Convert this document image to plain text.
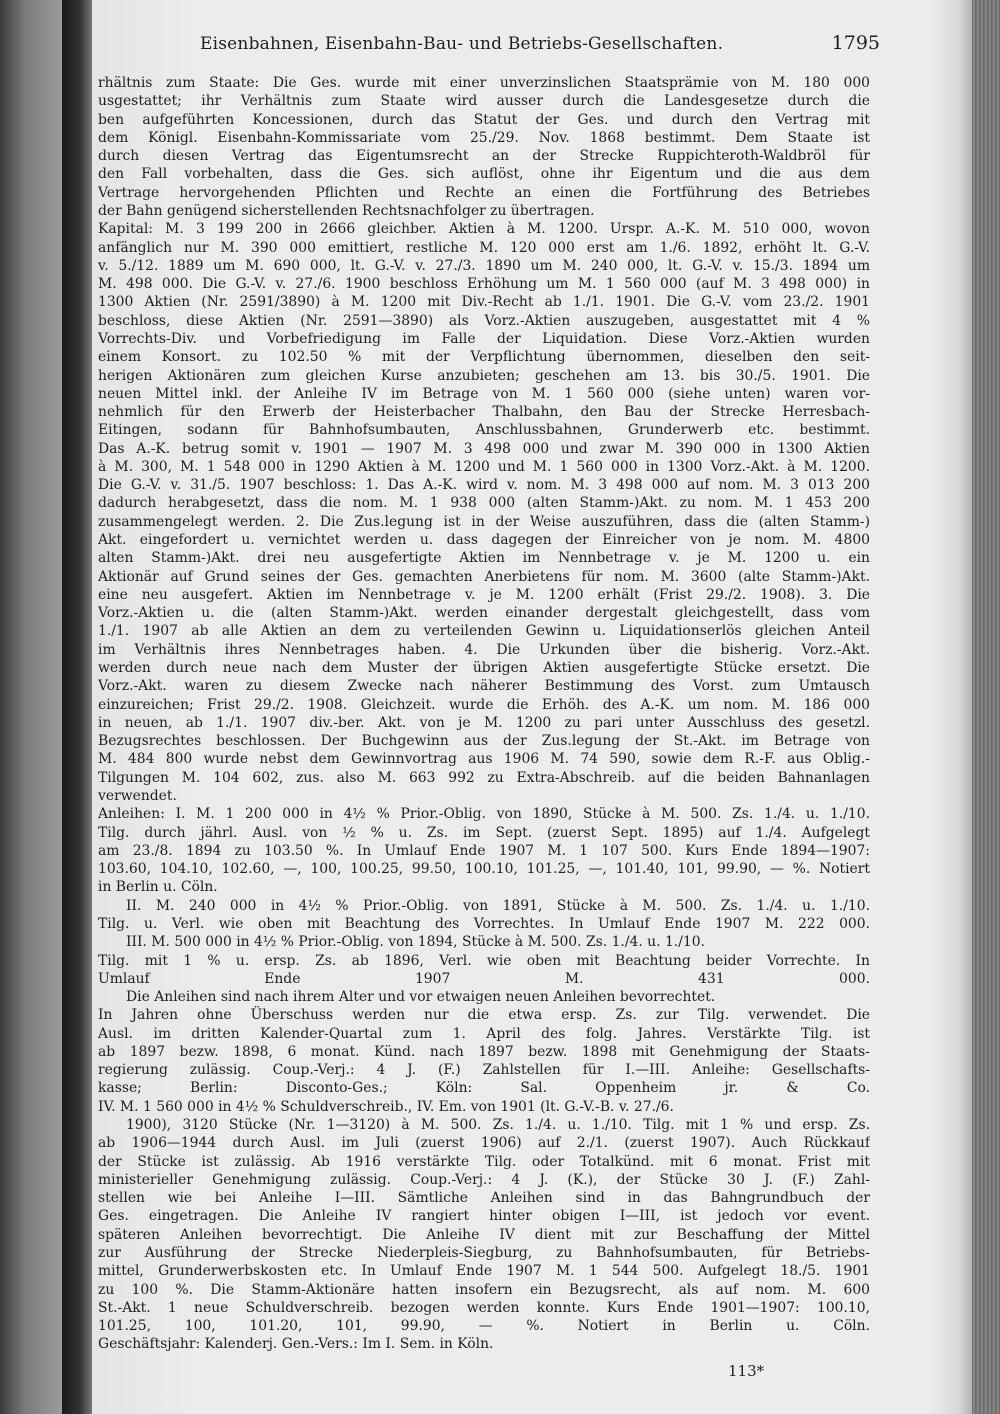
Eisenbahnen, Eisenbahn-Bau- und Betriebs-Gesellschaften.	1795
rhältnis zum Staate: Die Ges. wurde mit einer unverzinslichen Staatsprämie von M. 180 000
usgestattet; ihr Verhältnis zum Staate wird ausser durch die Landesgesetze durch die
ben aufgeführten Koncessionen, durch das Statut der Ges. und durch den Vertrag mit
dem Königl. Eisenbahn-Kommissariate vom 25./29. Nov. 1868 bestimmt. Dem Staate ist
durch diesen Vertrag das Eigentumsrecht an der Strecke Ruppichteroth-Waldbröl für
den Fall vorbehalten, dass die Ges. sich auflöst, ohne ihr Eigentum und die aus dem
Vertrage hervorgehenden Pflichten und Rechte an einen die Fortführung des Betriebes
der Bahn genügend sicherstellenden Rechtsnachfolger zu übertragen.
Kapital: M. 3 199 200 in 2666 gleichber. Aktien à M. 1200. Urspr. A.-K. M. 510 000, wovon
anfänglich nur M. 390 000 emittiert, restliche M. 120 000 erst am 1./6. 1892, erhöht lt. G.-V.
v. 5./12. 1889 um M. 690 000, lt. G.-V. v. 27./3. 1890 um M. 240 000, lt. G.-V. v. 15./3. 1894 um
M. 498 000. Die G.-V. v. 27./6. 1900 beschloss Erhöhung um M. 1 560 000 (auf M. 3 498 000) in
1300 Aktien (Nr. 2591/3890) à M. 1200 mit Div.-Recht ab 1./1. 1901. Die G.-V. vom 23./2. 1901
beschloss, diese Aktien (Nr. 2591—3890) als Vorz.-Aktien auszugeben, ausgestattet mit 4 %
Vorrechts-Div. und Vorbefriedigung im Falle der Liquidation. Diese Vorz.-Aktien wurden
einem Konsort. zu 102.50 % mit der Verpflichtung übernommen, dieselben den seit-
herigen Aktionären zum gleichen Kurse anzubieten; geschehen am 13. bis 30./5. 1901. Die
neuen Mittel inkl. der Anleihe IV im Betrage von M. 1 560 000 (siehe unten) waren vor-
nehmlich für den Erwerb der Heisterbacher Thalbahn, den Bau der Strecke Herresbach-
Eitingen, sodann für Bahnhofsumbauten, Anschlussbahnen, Grunderwerb etc. bestimmt.
Das A.-K. betrug somit v. 1901 — 1907 M. 3 498 000 und zwar M. 390 000 in 1300 Aktien
à M. 300, M. 1 548 000 in 1290 Aktien à M. 1200 und M. 1 560 000 in 1300 Vorz.-Akt. à M. 1200.
Die G.-V. v. 31./5. 1907 beschloss: 1. Das A.-K. wird v. nom. M. 3 498 000 auf nom. M. 3 013 200
dadurch herabgesetzt, dass die nom. M. 1 938 000 (alten Stamm-)Akt. zu nom. M. 1 453 200
zusammengelegt werden. 2. Die Zus.legung ist in der Weise auszuführen, dass die (alten Stamm-)
Akt. eingefordert u. vernichtet werden u. dass dagegen der Einreicher von je nom. M. 4800
alten Stamm-)Akt. drei neu ausgefertigte Aktien im Nennbetrage v. je M. 1200 u. ein
Aktionär auf Grund seines der Ges. gemachten Anerbietens für nom. M. 3600 (alte Stamm-)Akt.
eine neu ausgefert. Aktien im Nennbetrage v. je M. 1200 erhält (Frist 29./2. 1908). 3. Die
Vorz.-Aktien u. die (alten Stamm-)Akt. werden einander dergestalt gleichgestellt, dass vom
1./1. 1907 ab alle Aktien an dem zu verteilenden Gewinn u. Liquidationserlös gleichen Anteil
im Verhältnis ihres Nennbetrages haben. 4. Die Urkunden über die bisherig. Vorz.-Akt.
werden durch neue nach dem Muster der übrigen Aktien ausgefertigte Stücke ersetzt. Die
Vorz.-Akt. waren zu diesem Zwecke nach näherer Bestimmung des Vorst. zum Umtausch
einzureichen; Frist 29./2. 1908. Gleichzeit. wurde die Erhöh. des A.-K. um nom. M. 186 000
in neuen, ab 1./1. 1907 div.-ber. Akt. von je M. 1200 zu pari unter Ausschluss des gesetzl.
Bezugsrechtes beschlossen. Der Buchgewinn aus der Zus.legung der St.-Akt. im Betrage von
M. 484 800 wurde nebst dem Gewinnvortrag aus 1906 M. 74 590, sowie dem R.-F. aus Oblig.-
Tilgungen M. 104 602, zus. also M. 663 992 zu Extra-Abschreib. auf die beiden Bahnanlagen
verwendet.
Anleihen: I. M. 1 200 000 in 4½ % Prior.-Oblig. von 1890, Stücke à M. 500. Zs. 1./4. u. 1./10.
Tilg. durch jährl. Ausl. von ½ % u. Zs. im Sept. (zuerst Sept. 1895) auf 1./4. Aufgelegt
am 23./8. 1894 zu 103.50 %. In Umlauf Ende 1907 M. 1 107 500. Kurs Ende 1894—1907:
103.60, 104.10, 102.60, —, 100, 100.25, 99.50, 100.10, 101.25, —, 101.40, 101, 99.90, — %. Notiert
in Berlin u. Cöln.
II. M. 240 000 in 4½ % Prior.-Oblig. von 1891, Stücke à M. 500. Zs. 1./4. u. 1./10.
Tilg. u. Verl. wie oben mit Beachtung des Vorrechtes. In Umlauf Ende 1907 M. 222 000.
III. M. 500 000 in 4½ % Prior.-Oblig. von 1894, Stücke à M. 500. Zs. 1./4. u. 1./10.
Tilg. mit 1 % u. ersp. Zs. ab 1896, Verl. wie oben mit Beachtung beider Vorrechte. In
Umlauf Ende 1907 M. 431 000.
Die Anleihen sind nach ihrem Alter und vor etwaigen neuen Anleihen bevorrechtet.
In Jahren ohne Überschuss werden nur die etwa ersp. Zs. zur Tilg. verwendet. Die
Ausl. im dritten Kalender-Quartal zum 1. April des folg. Jahres. Verstärkte Tilg. ist
ab 1897 bezw. 1898, 6 monat. Künd. nach 1897 bezw. 1898 mit Genehmigung der Staats-
regierung zulässig. Coup.-Verj.: 4 J. (F.) Zahlstellen für I.—III. Anleihe: Gesellschafts-
kasse; Berlin: Disconto-Ges.; Köln: Sal. Oppenheim jr. & Co.
IV. M. 1 560 000 in 4½ % Schuldverschreib., IV. Em. von 1901 (lt. G.-V.-B. v. 27./6.
1900), 3120 Stücke (Nr. 1—3120) à M. 500. Zs. 1./4. u. 1./10. Tilg. mit 1 % und ersp. Zs.
ab 1906—1944 durch Ausl. im Juli (zuerst 1906) auf 2./1. (zuerst 1907). Auch Rückkauf
der Stücke ist zulässig. Ab 1916 verstärkte Tilg. oder Totalkünd. mit 6 monat. Frist mit
ministerieller Genehmigung zulässig. Coup.-Verj.: 4 J. (K.), der Stücke 30 J. (F.) Zahl-
stellen wie bei Anleihe I—III. Sämtliche Anleihen sind in das Bahngrundbuch der
Ges. eingetragen. Die Anleihe IV rangiert hinter obigen I—III, ist jedoch vor event.
späteren Anleihen bevorrechtigt. Die Anleihe IV dient mit zur Beschaffung der Mittel
zur Ausführung der Strecke Niederpleis-Siegburg, zu Bahnhofsumbauten, für Betriebs-
mittel, Grunderwerbskosten etc. In Umlauf Ende 1907 M. 1 544 500. Aufgelegt 18./5. 1901
zu 100 %. Die Stamm-Aktionäre hatten insofern ein Bezugsrecht, als auf nom. M. 600
St.-Akt. 1 neue Schuldverschreib. bezogen werden konnte. Kurs Ende 1901—1907: 100.10,
101.25, 100, 101.20, 101, 99.90, — %. Notiert in Berlin u. Cöln.
Geschäftsjahr: Kalenderj. Gen.-Vers.: Im I. Sem. in Köln.
113*
